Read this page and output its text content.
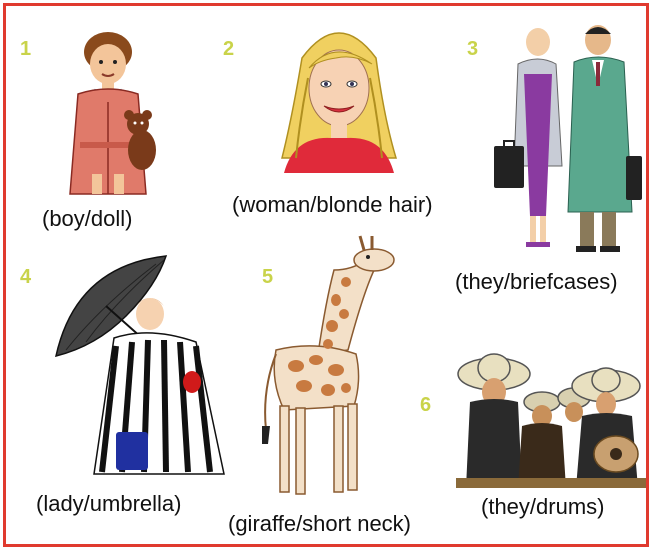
1
(boy/doll)
2
(woman/blonde hair)
3
(they/briefcases)
4
(lady/umbrella)
5
(giraffe/short neck)
6
(they/drums)
